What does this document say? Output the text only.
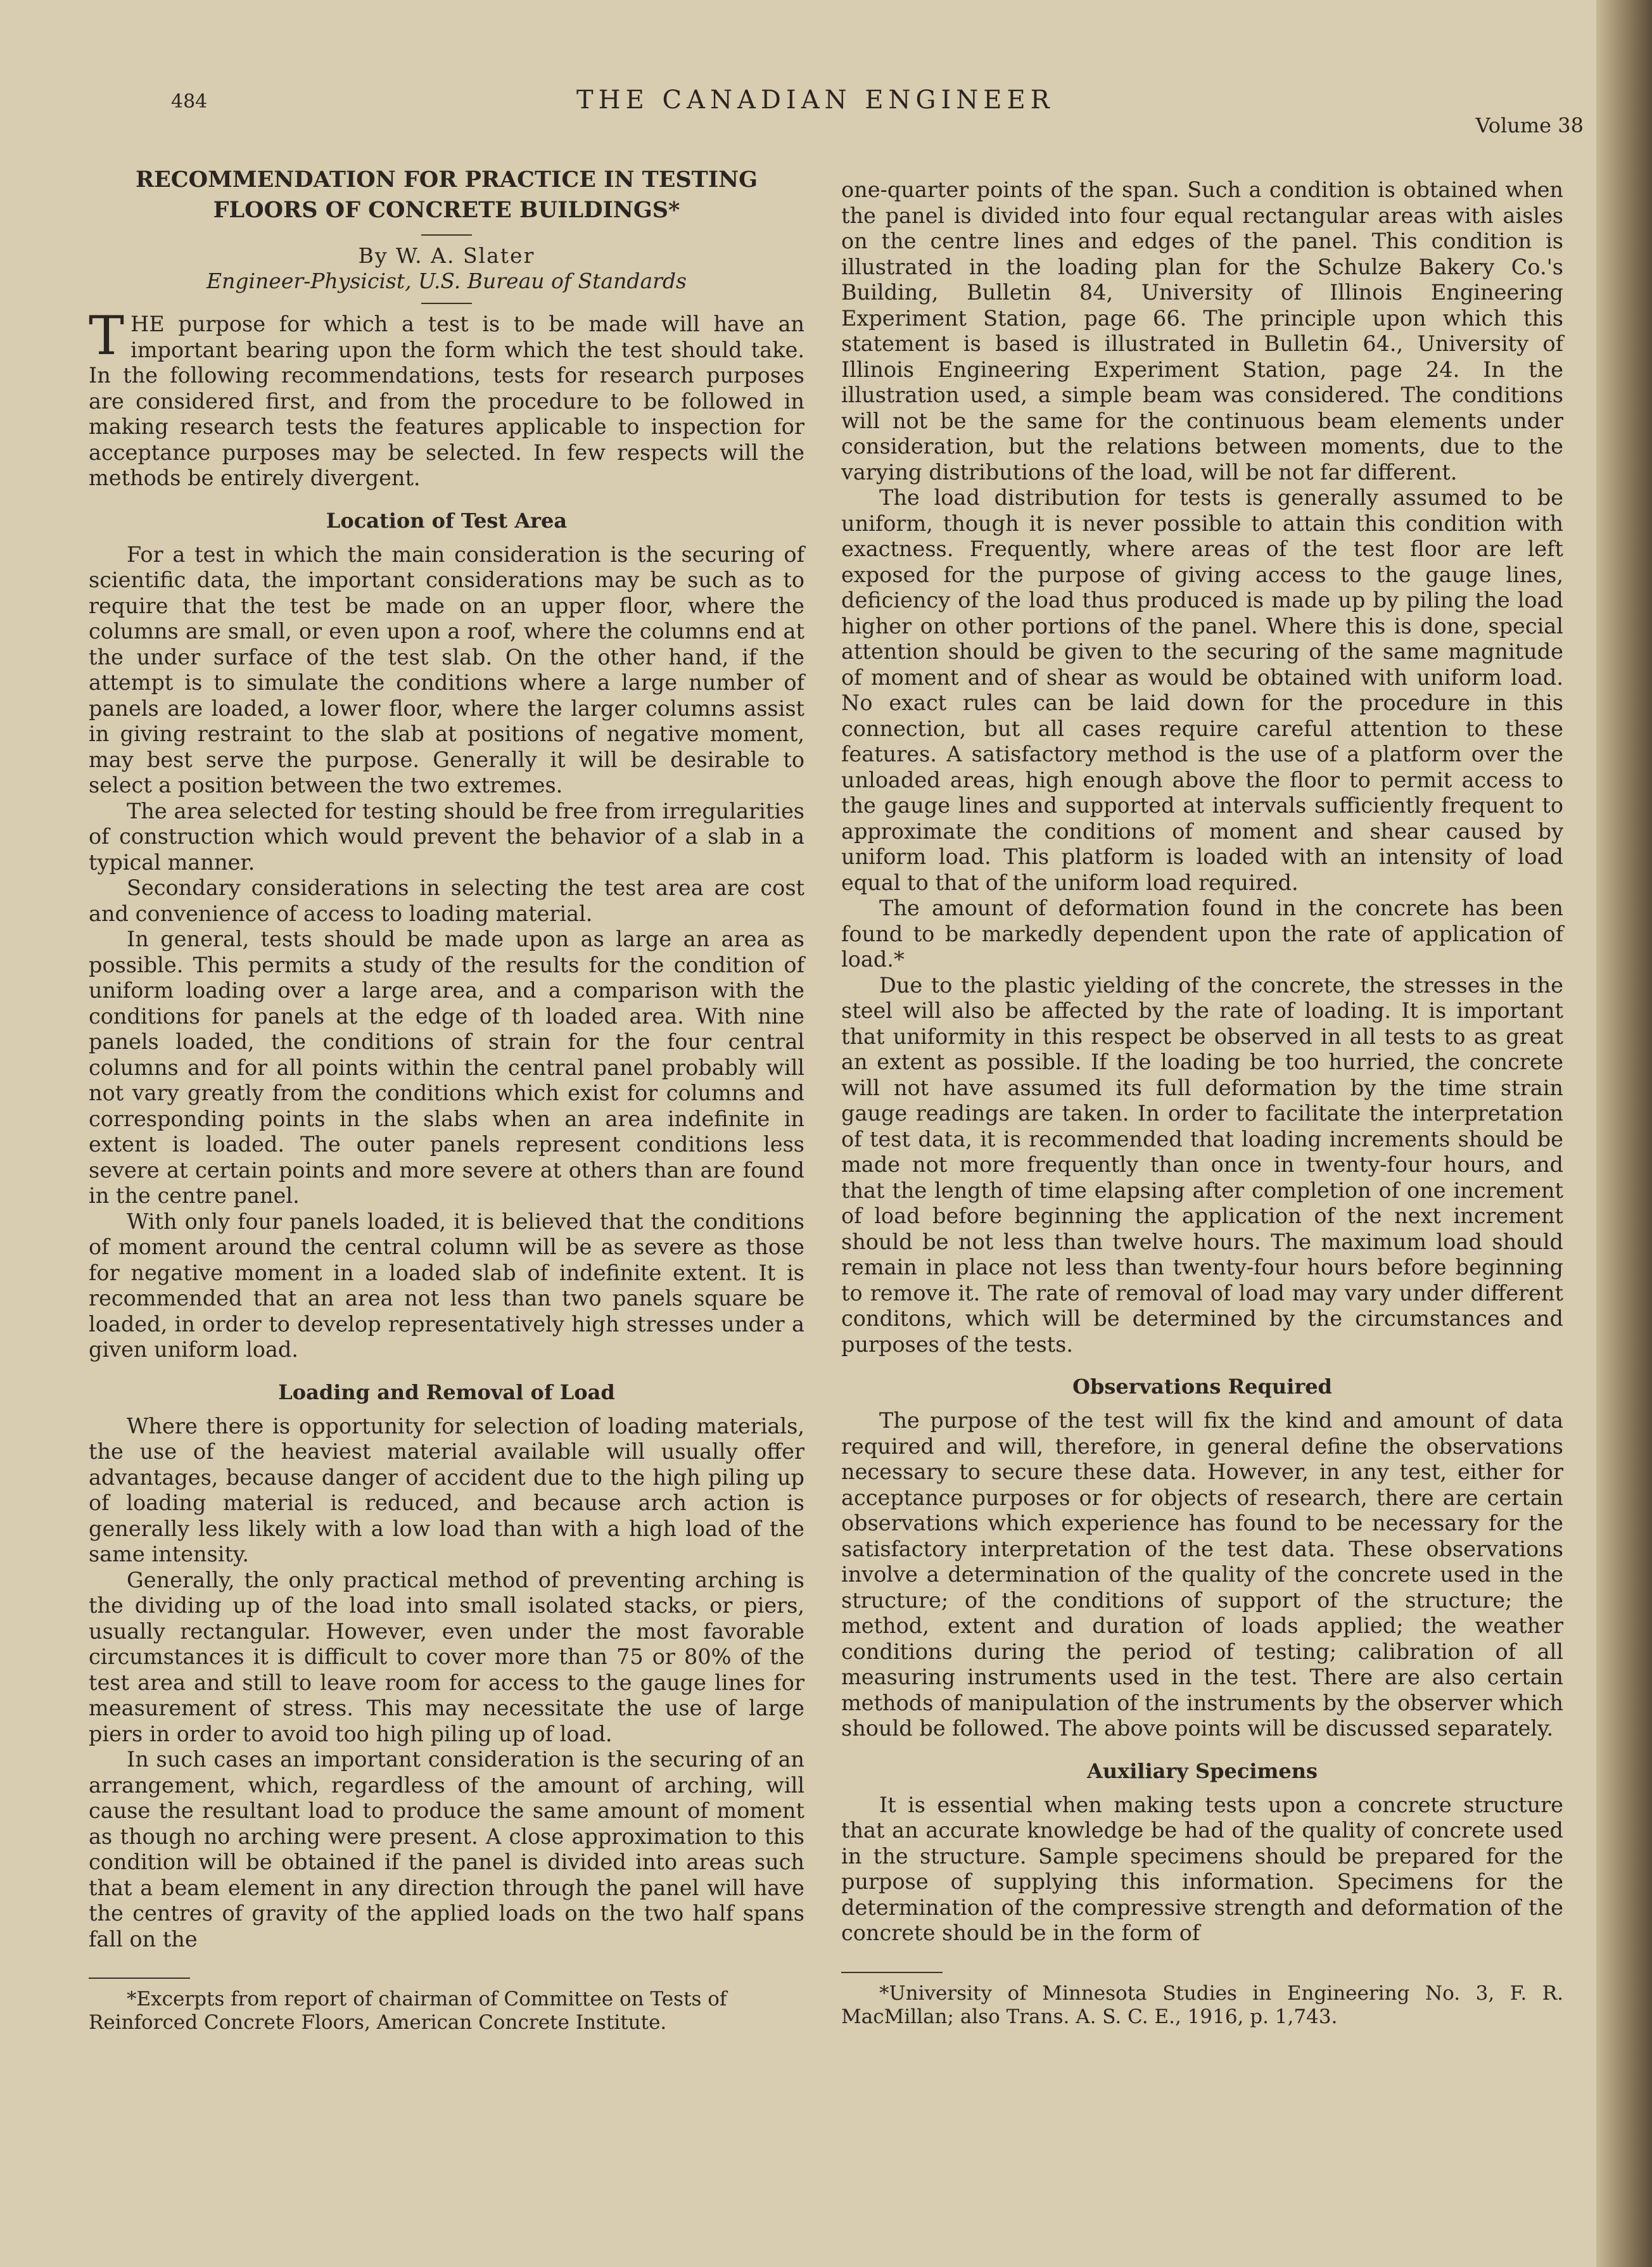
484	THE CANADIAN ENGINEER
Volume 38
RECOMMENDATION FOR PRACTICE IN TESTING
FLOORS OF CONCRETE BUILDINGS*
By W. A. Slater
Engineer-Physicist, U.S. Bureau of Standards

THE purpose for which a test is to be made will have an important bearing upon the form which the test should take. In the following recommendations, tests for research purposes are considered first, and from the procedure to be followed in making research tests the features applicable to inspection for acceptance purposes may be selected. In few respects will the methods be entirely divergent.

Location of Test Area

For a test in which the main consideration is the securing of scientific data, the important considerations may be such as to require that the test be made on an upper floor, where the columns are small, or even upon a roof, where the columns end at the under surface of the test slab. On the other hand, if the attempt is to simulate the conditions where a large number of panels are loaded, a lower floor, where the larger columns assist in giving restraint to the slab at positions of negative moment, may best serve the purpose. Generally it will be desirable to select a position between the two extremes.

The area selected for testing should be free from irregularities of construction which would prevent the behavior of a slab in a typical manner.

Secondary considerations in selecting the test area are cost and convenience of access to loading material.

In general, tests should be made upon as large an area as possible. This permits a study of the results for the condition of uniform loading over a large area, and a comparison with the conditions for panels at the edge of th loaded area. With nine panels loaded, the conditions of strain for the four central columns and for all points within the central panel probably will not vary greatly from the conditions which exist for columns and corresponding points in the slabs when an area indefinite in extent is loaded. The outer panels represent conditions less severe at certain points and more severe at others than are found in the centre panel.

With only four panels loaded, it is believed that the conditions of moment around the central column will be as severe as those for negative moment in a loaded slab of indefinite extent. It is recommended that an area not less than two panels square be loaded, in order to develop representatively high stresses under a given uniform load.

Loading and Removal of Load

Where there is opportunity for selection of loading materials, the use of the heaviest material available will usually offer advantages, because danger of accident due to the high piling up of loading material is reduced, and because arch action is generally less likely with a low load than with a high load of the same intensity.

Generally, the only practical method of preventing arching is the dividing up of the load into small isolated stacks, or piers, usually rectangular. However, even under the most favorable circumstances it is difficult to cover more than 75 or 80% of the test area and still to leave room for access to the gauge lines for measurement of stress. This may necessitate the use of large piers in order to avoid too high piling up of load.

In such cases an important consideration is the securing of an arrangement, which, regardless of the amount of arching, will cause the resultant load to produce the same amount of moment as though no arching were present. A close approximation to this condition will be obtained if the panel is divided into areas such that a beam element in any direction through the panel will have the centres of gravity of the applied loads on the two half spans fall on the

*Excerpts from report of chairman of Committee on Tests of Reinforced Concrete Floors, American Concrete Institute.

one-quarter points of the span. Such a condition is obtained when the panel is divided into four equal rectangular areas with aisles on the centre lines and edges of the panel. This condition is illustrated in the loading plan for the Schulze Bakery Co.'s Building, Bulletin 84, University of Illinois Engineering Experiment Station, page 66. The principle upon which this statement is based is illustrated in Bulletin 64., University of Illinois Engineering Experiment Station, page 24. In the illustration used, a simple beam was considered. The conditions will not be the same for the continuous beam elements under consideration, but the relations between moments, due to the varying distributions of the load, will be not far different.

The load distribution for tests is generally assumed to be uniform, though it is never possible to attain this condition with exactness. Frequently, where areas of the test floor are left exposed for the purpose of giving access to the gauge lines, deficiency of the load thus produced is made up by piling the load higher on other portions of the panel. Where this is done, special attention should be given to the securing of the same magnitude of moment and of shear as would be obtained with uniform load. No exact rules can be laid down for the procedure in this connection, but all cases require careful attention to these features. A satisfactory method is the use of a platform over the unloaded areas, high enough above the floor to permit access to the gauge lines and supported at intervals sufficiently frequent to approximate the conditions of moment and shear caused by uniform load. This platform is loaded with an intensity of load equal to that of the uniform load required.

The amount of deformation found in the concrete has been found to be markedly dependent upon the rate of application of load.*

Due to the plastic yielding of the concrete, the stresses in the steel will also be affected by the rate of loading. It is important that uniformity in this respect be observed in all tests to as great an extent as possible. If the loading be too hurried, the concrete will not have assumed its full deformation by the time strain gauge readings are taken. In order to facilitate the interpretation of test data, it is recommended that loading increments should be made not more frequently than once in twenty-four hours, and that the length of time elapsing after completion of one increment of load before beginning the application of the next increment should be not less than twelve hours. The maximum load should remain in place not less than twenty-four hours before beginning to remove it. The rate of removal of load may vary under different conditons, which will be determined by the circumstances and purposes of the tests.

Observations Required

The purpose of the test will fix the kind and amount of data required and will, therefore, in general define the observations necessary to secure these data. However, in any test, either for acceptance purposes or for objects of research, there are certain observations which experience has found to be necessary for the satisfactory interpretation of the test data. These observations involve a determination of the quality of the concrete used in the structure; of the conditions of support of the structure; the method, extent and duration of loads applied; the weather conditions during the period of testing; calibration of all measuring instruments used in the test. There are also certain methods of manipulation of the instruments by the observer which should be followed. The above points will be discussed separately.

Auxiliary Specimens

It is essential when making tests upon a concrete structure that an accurate knowledge be had of the quality of concrete used in the structure. Sample specimens should be prepared for the purpose of supplying this information. Specimens for the determination of the compressive strength and deformation of the concrete should be in the form of

*University of Minnesota Studies in Engineering No. 3, F. R. MacMillan; also Trans. A. S. C. E., 1916, p. 1,743.
